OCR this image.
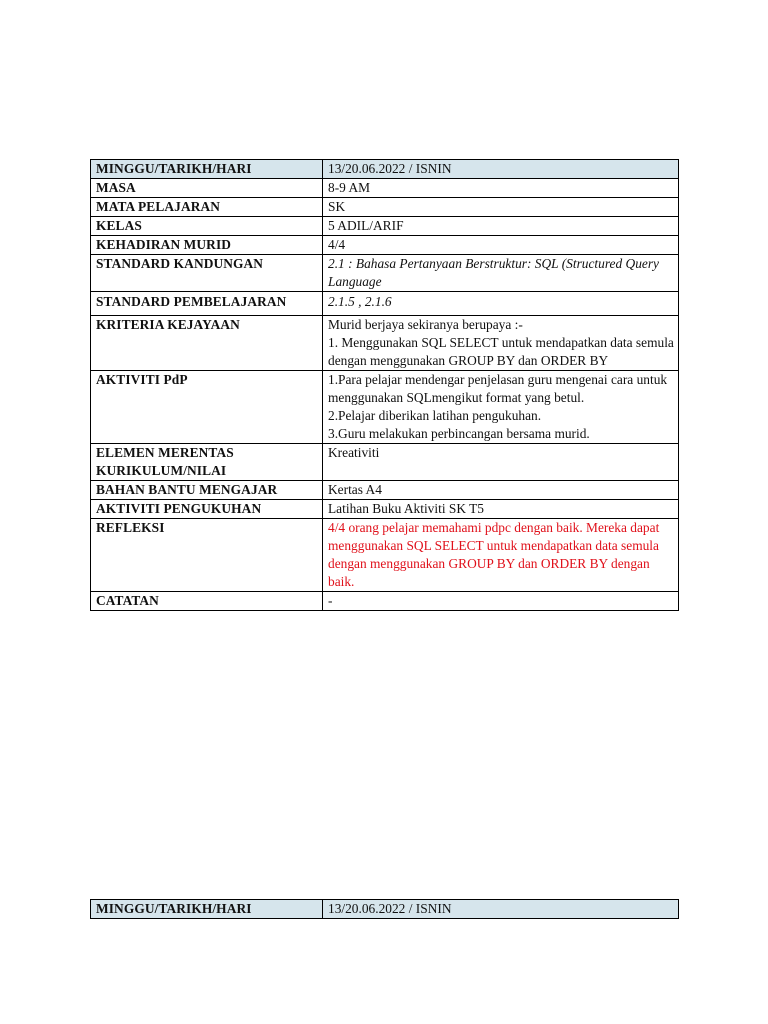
MINGGU/TARIKH/HARI	13/20.06.2022 / ISNIN
MASA	8-9 AM
MATA PELAJARAN	SK
KELAS	5 ADIL/ARIF
KEHADIRAN MURID	4/4
STANDARD KANDUNGAN	2.1 : Bahasa Pertanyaan Berstruktur: SQL (Structured Query Language
STANDARD PEMBELAJARAN	2.1.5 , 2.1.6
KRITERIA KEJAYAAN	Murid berjaya sekiranya berupaya :-
1. Menggunakan SQL SELECT untuk mendapatkan data semula dengan menggunakan GROUP BY dan ORDER BY

AKTIVITI PdP	1.Para pelajar mendengar penjelasan guru mengenai cara untuk menggunakan SQLmengikut format yang betul.
2.Pelajar diberikan latihan pengukuhan.
3.Guru melakukan perbincangan bersama murid.

ELEMEN MERENTAS KURIKULUM/NILAI	Kreativiti
BAHAN BANTU MENGAJAR	Kertas A4
AKTIVITI PENGUKUHAN	Latihan Buku Aktiviti SK T5
REFLEKSI	4/4 orang pelajar memahami pdpc dengan baik. Mereka dapat menggunakan SQL SELECT untuk mendapatkan data semula dengan menggunakan GROUP BY dan ORDER BY dengan baik.
CATATAN	-
MINGGU/TARIKH/HARI	13/20.06.2022 / ISNIN
